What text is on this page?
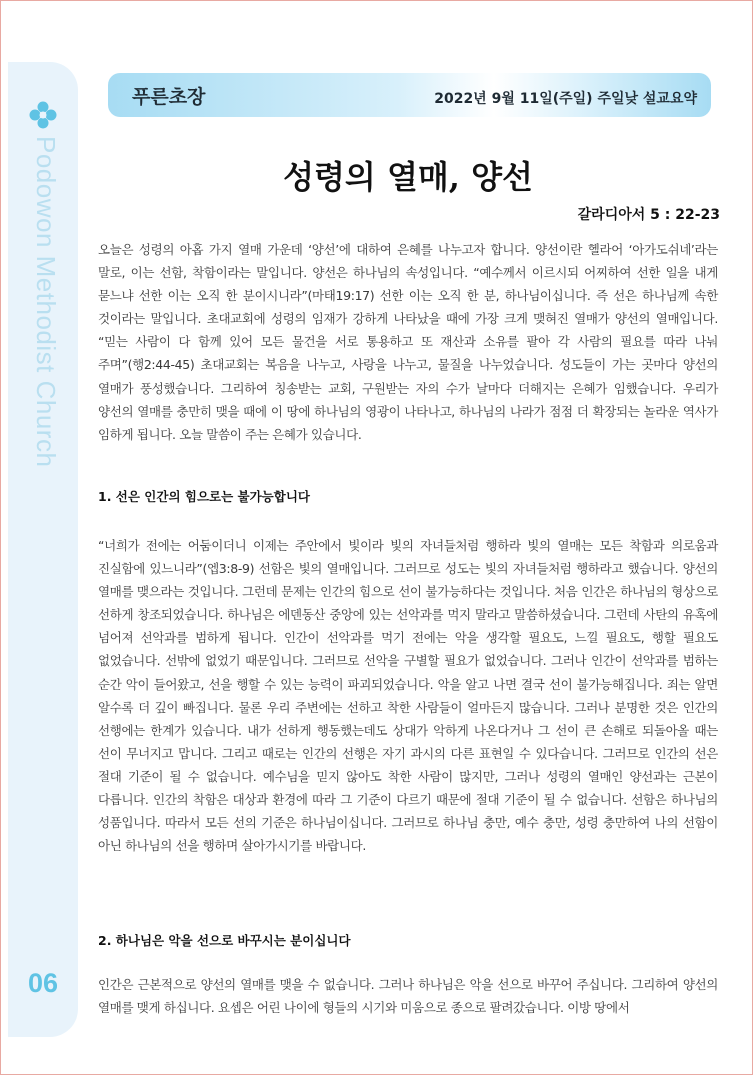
Podowon Methodist Church
06
푸른초장	2022년 9월 11일(주일) 주일낮 설교요약
성령의 열매, 양선
갈라디아서 5 : 22-23

오늘은 성령의 아홉 가지 열매 가운데 ‘양선’에 대하여 은혜를 나누고자 합니다. 양선이란 헬라어 ‘아가도쉬네’라는 말로, 이는 선함, 착함이라는 말입니다. 양선은 하나님의 속성입니다. “예수께서 이르시되 어찌하여 선한 일을 내게 묻느냐 선한 이는 오직 한 분이시니라”(마태19:17) 선한 이는 오직 한 분, 하나님이십니다. 즉 선은 하나님께 속한 것이라는 말입니다. 초대교회에 성령의 임재가 강하게 나타났을 때에 가장 크게 맺혀진 열매가 양선의 열매입니다. “믿는 사람이 다 함께 있어 모든 물건을 서로 통용하고 또 재산과 소유를 팔아 각 사람의 필요를 따라 나눠 주며”(행2:44-45) 초대교회는 복음을 나누고, 사랑을 나누고, 물질을 나누었습니다. 성도들이 가는 곳마다 양선의 열매가 풍성했습니다. 그리하여 칭송받는 교회, 구원받는 자의 수가 날마다 더해지는 은혜가 임했습니다. 우리가 양선의 열매를 충만히 맺을 때에 이 땅에 하나님의 영광이 나타나고, 하나님의 나라가 점점 더 확장되는 놀라운 역사가 임하게 됩니다. 오늘 말씀이 주는 은혜가 있습니다.

1. 선은 인간의 힘으로는 불가능합니다

“너희가 전에는 어둠이더니 이제는 주안에서 빛이라 빛의 자녀들처럼 행하라 빛의 열매는 모든 착함과 의로움과 진실함에 있느니라”(엡3:8-9) 선함은 빛의 열매입니다. 그러므로 성도는 빛의 자녀들처럼 행하라고 했습니다. 양선의 열매를 맺으라는 것입니다. 그런데 문제는 인간의 힘으로 선이 불가능하다는 것입니다. 처음 인간은 하나님의 형상으로 선하게 창조되었습니다. 하나님은 에덴동산 중앙에 있는 선악과를 먹지 말라고 말씀하셨습니다. 그런데 사탄의 유혹에 넘어져 선악과를 범하게 됩니다. 인간이 선악과를 먹기 전에는 악을 생각할 필요도, 느낄 필요도, 행할 필요도 없었습니다. 선밖에 없었기 때문입니다. 그러므로 선악을 구별할 필요가 없었습니다. 그러나 인간이 선악과를 범하는 순간 악이 들어왔고, 선을 행할 수 있는 능력이 파괴되었습니다. 악을 알고 나면 결국 선이 불가능해집니다. 죄는 알면 알수록 더 깊이 빠집니다. 물론 우리 주변에는 선하고 착한 사람들이 얼마든지 많습니다. 그러나 분명한 것은 인간의 선행에는 한계가 있습니다. 내가 선하게 행동했는데도 상대가 악하게 나온다거나 그 선이 큰 손해로 되돌아올 때는 선이 무너지고 맙니다. 그리고 때로는 인간의 선행은 자기 과시의 다른 표현일 수 있다습니다. 그러므로 인간의 선은 절대 기준이 될 수 없습니다. 예수님을 믿지 않아도 착한 사람이 많지만, 그러나 성령의 열매인 양선과는 근본이 다릅니다. 인간의 착함은 대상과 환경에 따라 그 기준이 다르기 때문에 절대 기준이 될 수 없습니다. 선함은 하나님의 성품입니다. 따라서 모든 선의 기준은 하나님이십니다. 그러므로 하나님 충만, 예수 충만, 성령 충만하여 나의 선함이 아닌 하나님의 선을 행하며 살아가시기를 바랍니다.

2. 하나님은 악을 선으로 바꾸시는 분이십니다

인간은 근본적으로 양선의 열매를 맺을 수 없습니다. 그러나 하나님은 악을 선으로 바꾸어 주십니다. 그리하여 양선의 열매를 맺게 하십니다. 요셉은 어린 나이에 형들의 시기와 미움으로 종으로 팔려갔습니다. 이방 땅에서
